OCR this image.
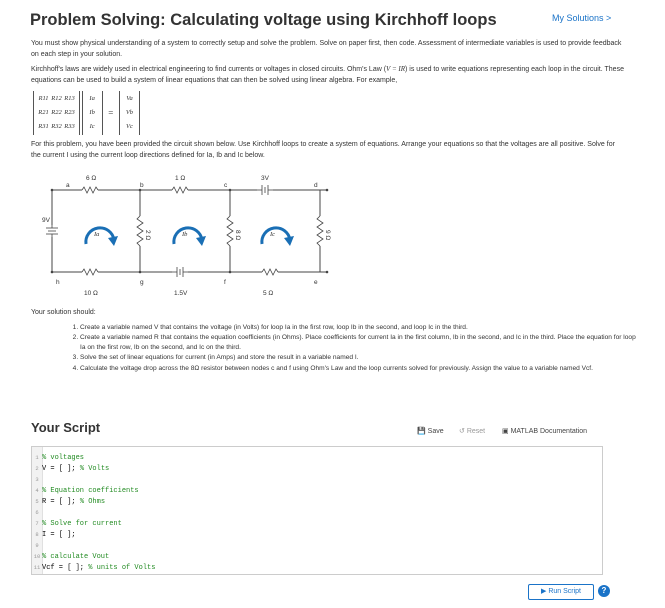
Problem Solving: Calculating voltage using Kirchhoff loops	My Solutions >
You must show physical understanding of a system to correctly setup and solve the problem. Solve on paper first, then code. Assessment of intermediate variables is used to provide feedback on each step in your solution.
Kirchhoff's laws are widely used in electrical engineering to find currents or voltages in closed circuits. Ohm's Law (V = IR) is used to write equations representing each loop in the circuit. These equations can be used to build a system of linear equations that can then be solved using linear algebra. For example,
R11 R12 R13
R21 R22 R23
R31 R32 R33

Ia
Ib
Ic
=
Va
Vb
Vc
For this problem, you have been provided the circuit shown below. Use Kirchhoff loops to create a system of equations. Arrange your equations so that the voltages are all positive. Solve for the current I using the current loop directions defined for Ia, Ib and Ic below.
a	b	c	d
h	g	f	e
6 Ω	1 Ω	3V
9V
10 Ω	1.5V	5 Ω
2 Ω	8 Ω	9 Ω
Ia	Ib	Ic
Your solution should:
1. Create a variable named V that contains the voltage (in Volts) for loop Ia in the first row, loop Ib in the second, and loop Ic in the third.
2. Create a variable named R that contains the equation coefficients (in Ohms). Place coefficients for current Ia in the first column, Ib in the second, and Ic in the third. Place the equation for loop Ia on the first row, Ib on the second, and Ic on the third.
3. Solve the set of linear equations for current (in Amps) and store the result in a variable named I.
4. Calculate the voltage drop across the 8Ω resistor between nodes c and f using Ohm's Law and the loop currents solved for previously. Assign the value to a variable named Vcf.
Your Script	💾 Save ↺ Reset ▣ MATLAB Documentation
1 % voltages
2 V = [ ]; % Volts
3
4 % Equation coefficients
5 R = [ ]; % Ohms
6
7 % Solve for current
8 I = [ ];
9
10 % calculate Vout
11 Vcf = [ ]; % units of Volts
▶ Run Script	?
